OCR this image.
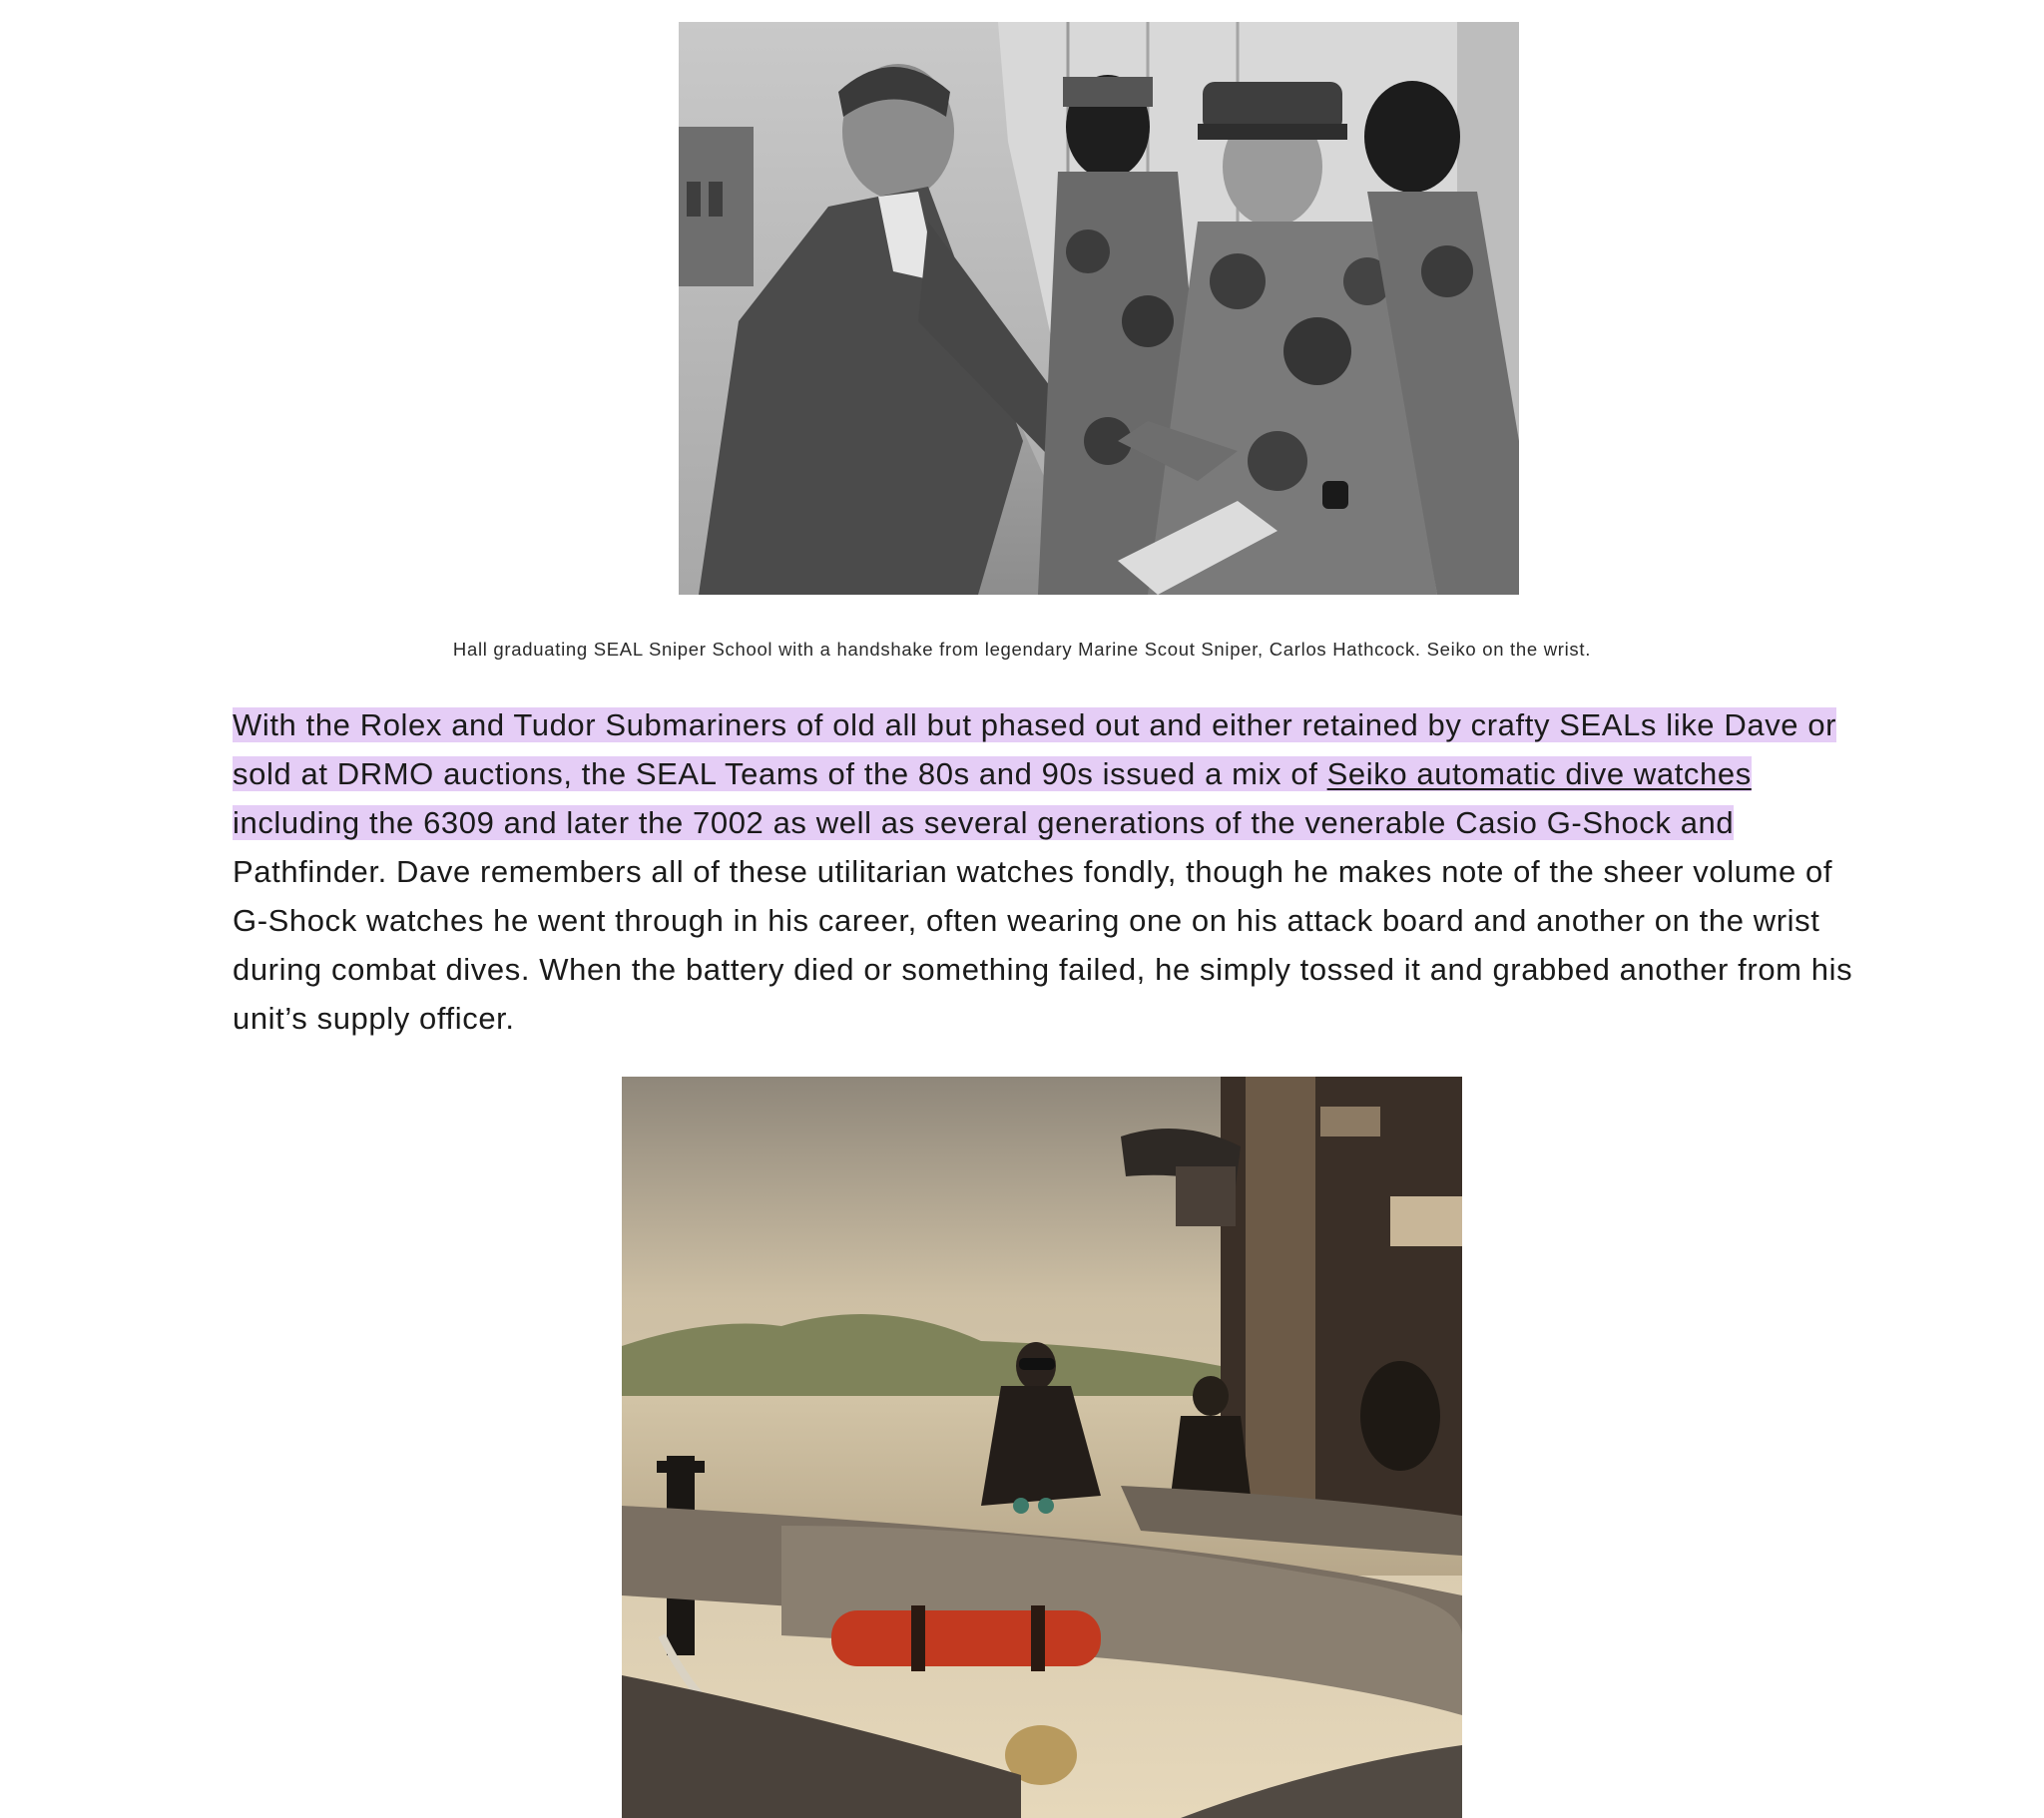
Hall graduating SEAL Sniper School with a handshake from legendary Marine Scout Sniper, Carlos Hathcock. Seiko on the wrist.

With the Rolex and Tudor Submariners of old all but phased out and either retained by crafty SEALs like Dave or sold at DRMO auctions, the SEAL Teams of the 80s and 90s issued a mix of Seiko automatic dive watches including the 6309 and later the 7002 as well as several generations of the venerable Casio G-Shock and Pathfinder. Dave remembers all of these utilitarian watches fondly, though he makes note of the sheer volume of G-Shock watches he went through in his career, often wearing one on his attack board and another on the wrist during combat dives. When the battery died or something failed, he simply tossed it and grabbed another from his unit’s supply officer.
